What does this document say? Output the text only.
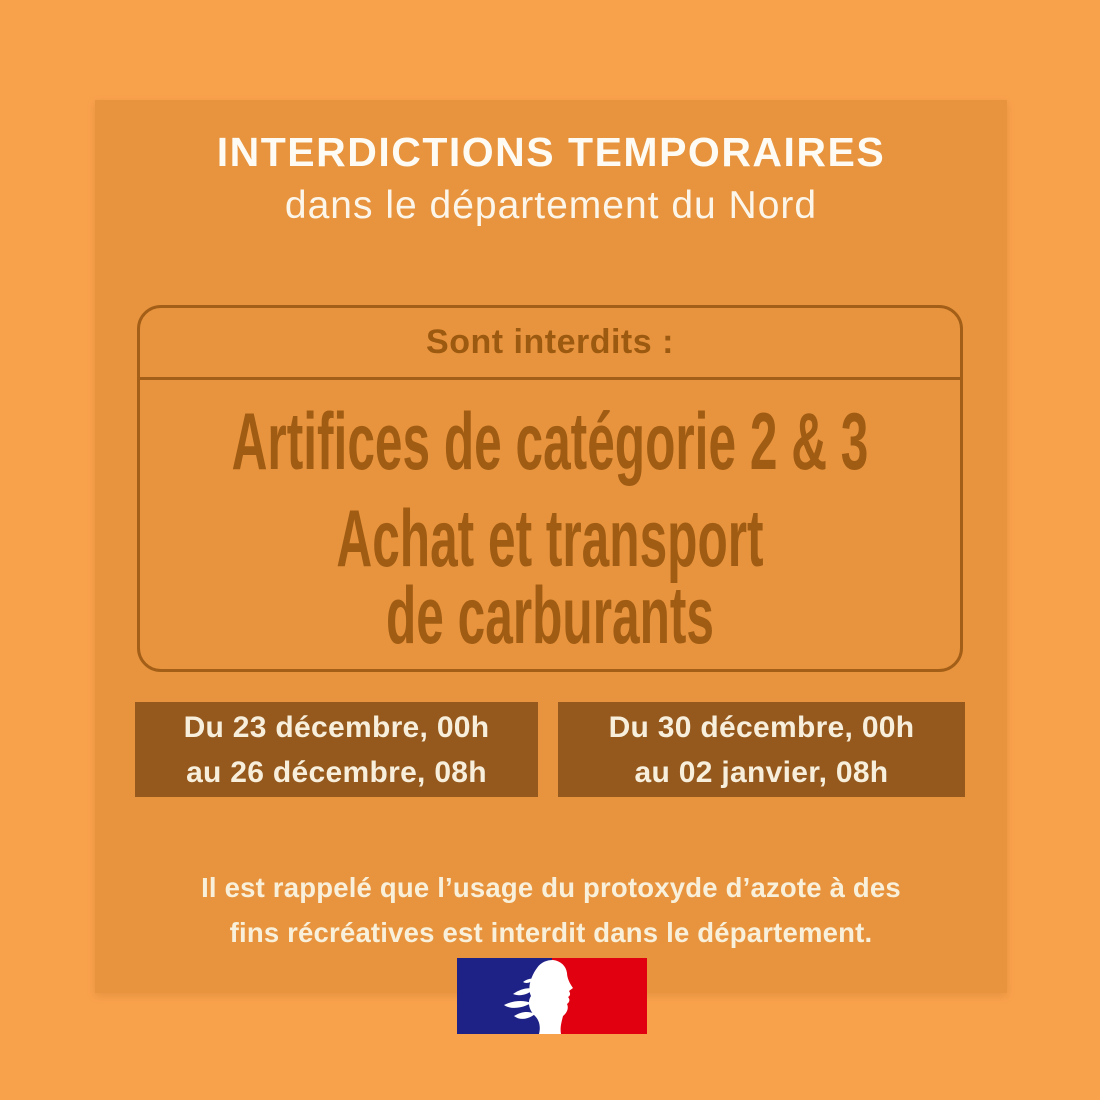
INTERDICTIONS TEMPORAIRES
dans le département du Nord
Sont interdits :
Artifices de catégorie 2 & 3
Achat et transport
de carburants
Du 23 décembre, 00h
au 26 décembre, 08h
Du 30 décembre, 00h
au 02 janvier, 08h
Il est rappelé que l’usage du protoxyde d’azote à des
fins récréatives est interdit dans le département.
